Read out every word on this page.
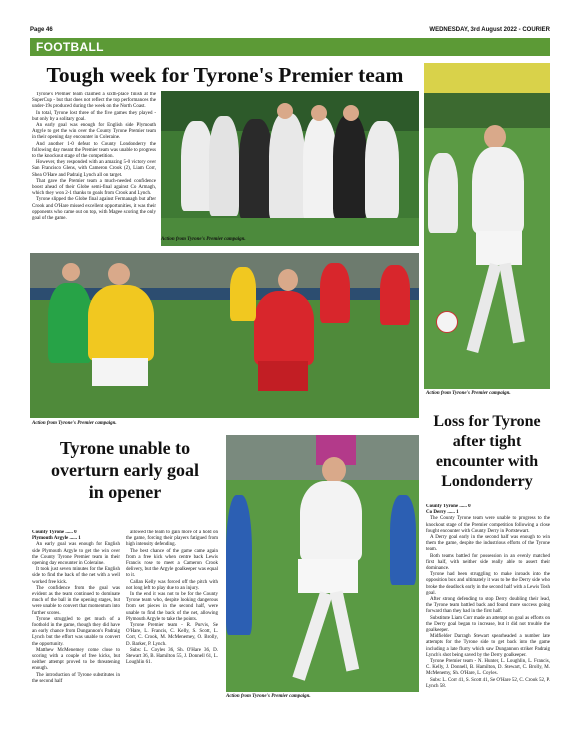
Page 46	WEDNESDAY, 3rd August 2022 - COURIER
FOOTBALL
Tough week for Tyrone's Premier team

Tyrone's Premier team claimed a sixth-place finish at the SuperCup - but that does not reflect the top performances the under-19s produced during the week on the North Coast.

In total, Tyrone lost three of the five games they played - but only by a solitary goal.

An early goal was enough for English side Plymouth Argyle to get the win over the County Tyrone Premier team in their opening day encounter in Coleraine.

And another 1-0 defeat to County Londonderry the following day meant the Premier team was unable to progress to the knockout stage of the competition.

However, they responded with an amazing 5-0 victory over San Francisco Glens, with Cameron Crook (2), Liam Corr, Shea O'Hare and Padraig Lynch all on target.

That gave the Premier team a much-needed confidence boost ahead of their Globe semi-final against Co Armagh, which they won 2-1 thanks to goals from Crook and Lynch.

Tyrone slipped the Globe final against Fermanagh but after Crook and O'Hare missed excellent opportunities, it was their opponents who came out on top, with Magee scoring the only goal of the game.

Action from Tyrone's Premier campaign.
Action from Tyrone's Premier campaign.
Action from Tyrone's Premier campaign.
Tyrone unable to
overturn early goal
in opener

County Tyrone ...... 0

Plymouth Argyle ...... 1

An early goal was enough for English side Plymouth Argyle to get the win over the County Tyrone Premier team in their opening day encounter in Coleraine.

It took just seven minutes for the English side to find the back of the net with a well worked free kick.

The confidence from the goal was evident as the team continued to dominate much of the ball in the opening stages, but were unable to convert that momentum into further scores.

Tyrone struggled to get much of a foothold in the game, though they did have an early chance from Dungannon's Padraig Lynch but the effort was unable to convert the opportunity.

Matthew McMenemey come close to scoring with a couple of free kicks, but neither attempt proved to be threatening enough.

The introduction of Tyrone substitutes in the second half

allowed the team to gain more of a hold on the game, forcing their players fatigued from high intensity defending.

The best chance of the game came again from a free kick when centre back Lewis Francis rose to meet a Cameron Crook delivery, but the Argyle goalkeeper was equal to it.

Callan Kelly was forced off the pitch with not long left to play due to an injury.

In the end it was not to be for the County Tyrone team who, despite looking dangerous from set pieces in the second half, were unable to find the back of the net, allowing Plymouth Argyle to take the points.

Tyrone Premier team - R. Purvis, Se O'Hare, L. Francis, C. Kelly, S. Scott, L. Corr, C. Crook, M. McMenemey, O. Brolly, D. Barker, P. Lynch.

Subs: L. Coyles 36, Sh. O'Hare 36, D. Stewart 36, B. Hamilton 55, J. Donnell 61, L. Loughlin 61.

Action from Tyrone's Premier campaign.
Loss for Tyrone
after tight
encounter with
Londonderry

County Tyrone ...... 0

Co Derry ...... 1

The County Tyrone team were unable to progress to the knockout stage of the Premier competition following a close fought encounter with County Derry in Portstewart.

A Derry goal early in the second half was enough to win them the game, despite the industrious efforts of the Tyrone team.

Both teams battled for possession in an evenly matched first half, with neither side really able to assert their dominance.

Tyrone had been struggling to make inroads into the opposition box and ultimately it was to be the Derry side who broke the deadlock early in the second half with a Lewis Tosh goal.

After strong defending to stop Derry doubling their lead, the Tyrone team battled back and found more success going forward than they had in the first half.

Substitute Liam Corr made an attempt on goal as efforts on the Derry goal began to increase, but it did not trouble the goalkeeper.

Midfielder Darragh Stewart spearheaded a number late attempts for the Tyrone side to get back into the game including a late flurry which saw Dungannon striker Padraig Lynch's shot being saved by the Derry goalkeeper.

Tyrone Premier team - N. Hunter, L. Loughlin, L. Francis, C. Kelly, J. Donnell, B. Hamilton, D. Stewart, C. Brolly, M. McMenemy, Sh. O'Hare, L. Coyles.

Subs: L. Corr 41, S. Scott 41, Se O'Hare 52, C. Crook 52, P. Lynch 58.
